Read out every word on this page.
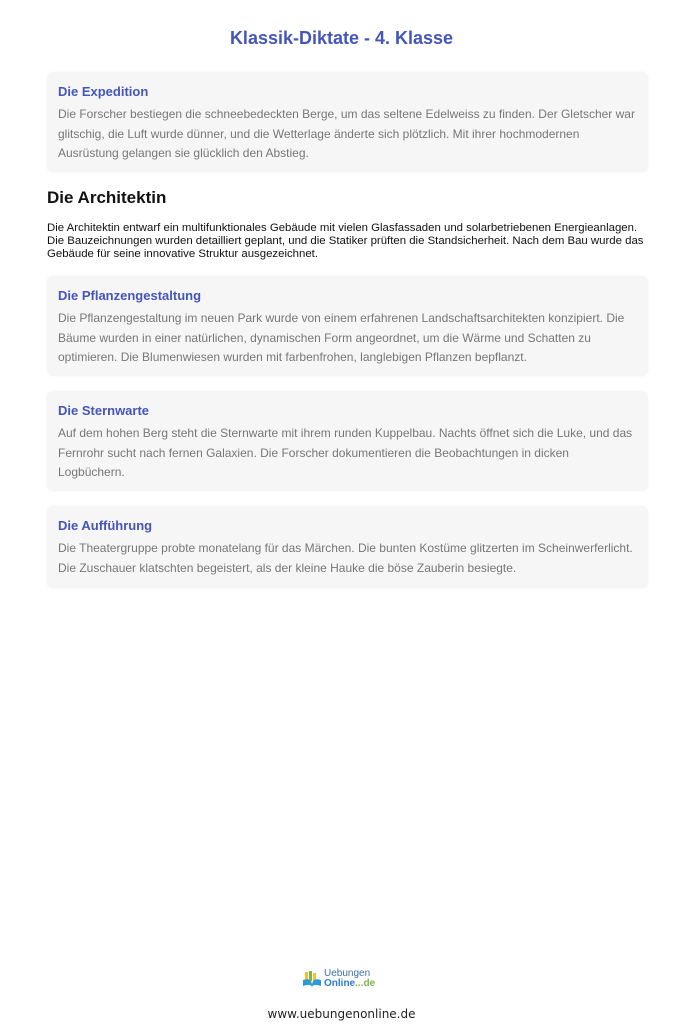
Klassik-Diktate - 4. Klasse
Die Expedition

Die Forscher bestiegen die schneebedeckten Berge, um das seltene Edelweiss zu finden. Der Gletscher war glitschig, die Luft wurde dünner, und die Wetterlage änderte sich plötzlich. Mit ihrer hochmodernen Ausrüstung gelangen sie glücklich den Abstieg.

Die Architektin

Die Architektin entwarf ein multifunktionales Gebäude mit vielen Glasfassaden und solarbetriebenen Energieanlagen. Die Bauzeichnungen wurden detailliert geplant, und die Statiker prüften die Standsicherheit. Nach dem Bau wurde das Gebäude für seine innovative Struktur ausgezeichnet.

Die Pflanzengestaltung

Die Pflanzengestaltung im neuen Park wurde von einem erfahrenen Landschaftsarchitekten konzipiert. Die Bäume wurden in einer natürlichen, dynamischen Form angeordnet, um die Wärme und Schatten zu optimieren. Die Blumenwiesen wurden mit farbenfrohen, langlebigen Pflanzen bepflanzt.

Die Sternwarte

Auf dem hohen Berg steht die Sternwarte mit ihrem runden Kuppelbau. Nachts öffnet sich die Luke, und das Fernrohr sucht nach fernen Galaxien. Die Forscher dokumentieren die Beobachtungen in dicken Logbüchern.

Die Aufführung

Die Theatergruppe probte monatelang für das Märchen. Die bunten Kostüme glitzerten im Scheinwerferlicht. Die Zuschauer klatschten begeistert, als der kleine Hauke die böse Zauberin besiegte.

Uebungen
Online...de
www.uebungenonline.de
